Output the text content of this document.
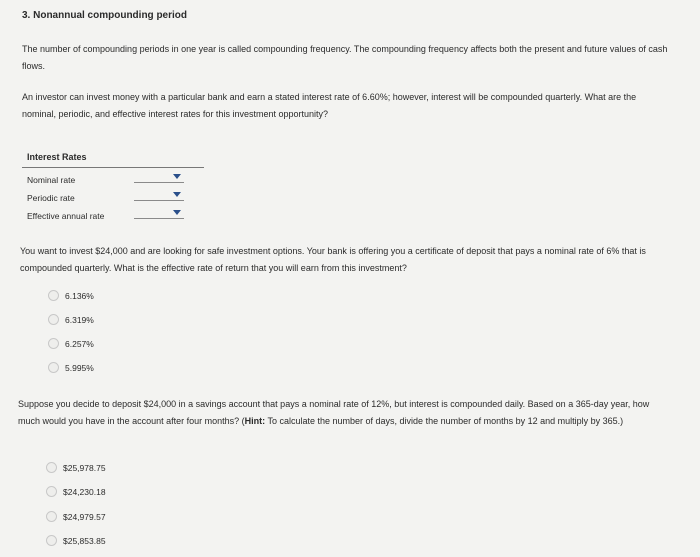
3. Nonannual compounding period
The number of compounding periods in one year is called compounding frequency. The compounding frequency affects both the present and future values of cash flows.
An investor can invest money with a particular bank and earn a stated interest rate of 6.60%; however, interest will be compounded quarterly. What are the nominal, periodic, and effective interest rates for this investment opportunity?
Interest Rates
Nominal rate
Periodic rate
Effective annual rate
You want to invest $24,000 and are looking for safe investment options. Your bank is offering you a certificate of deposit that pays a nominal rate of 6% that is compounded quarterly. What is the effective rate of return that you will earn from this investment?
6.136%
6.319%
6.257%
5.995%
Suppose you decide to deposit $24,000 in a savings account that pays a nominal rate of 12%, but interest is compounded daily. Based on a 365-day year, how much would you have in the account after four months? (Hint: To calculate the number of days, divide the number of months by 12 and multiply by 365.)
$25,978.75
$24,230.18
$24,979.57
$25,853.85
